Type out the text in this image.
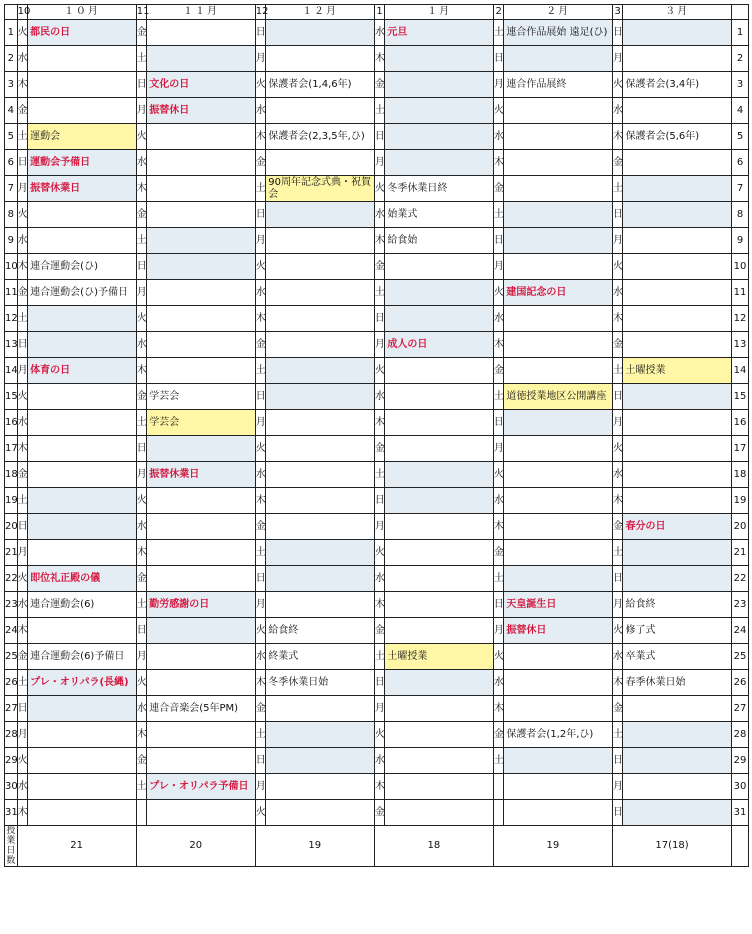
	10	１０月	11	１１月	12	１２月	1	１月	2	２月	3	３月	
1	火	都民の日	金		日		水	元旦	土	連合作品展始 遠足(ひ)	日		1
2	水		土		月		木		日		月		2
3	木		日	文化の日	火	保護者会(1,4,6年)	金		月	連合作品展終	火	保護者会(3,4年)	3
4	金		月	振替休日	水		土		火		水		4
5	土	運動会	火		木	保護者会(2,3,5年,ひ)	日		水		木	保護者会(5,6年)	5
6	日	運動会予備日	水		金		月		木		金		6
7	月	振替休業日	木		土	90周年記念式典・祝賀会	火	冬季休業日終	金		土		7
8	火		金		日		水	始業式	土		日		8
9	水		土		月		木	給食始	日		月		9
10	木	連合運動会(ひ)	日		火		金		月		火		10
11	金	連合運動会(ひ)予備日	月		水		土		火	建国記念の日	水		11
12	土		火		木		日		水		木		12
13	日		水		金		月	成人の日	木		金		13
14	月	体育の日	木		土		火		金		土	土曜授業	14
15	火		金	学芸会	日		水		土	道徳授業地区公開講座	日		15
16	水		土	学芸会	月		木		日		月		16
17	木		日		火		金		月		火		17
18	金		月	振替休業日	水		土		火		水		18
19	土		火		木		日		水		木		19
20	日		水		金		月		木		金	春分の日	20
21	月		木		土		火		金		土		21
22	火	即位礼正殿の儀	金		日		水		土		日		22
23	水	連合運動会(6)	土	勤労感謝の日	月		木		日	天皇誕生日	月	給食終	23
24	木		日		火	給食終	金		月	振替休日	火	修了式	24
25	金	連合運動会(6)予備日	月		水	終業式	土	土曜授業	火		水	卒業式	25
26	土	プレ・オリパラ(長縄)	火		木	冬季休業日始	日		水		木	春季休業日始	26
27	日		水	連合音楽会(5年PM)	金		月		木		金		27
28	月		木		土		火		金	保護者会(1,2年,ひ)	土		28
29	火		金		日		水		土		日		29
30	水		土	プレ・オリパラ予備日	月		木				月		30
31	木				火		金				日		31
授業日数	21		20		19		18		19		17(18)		
